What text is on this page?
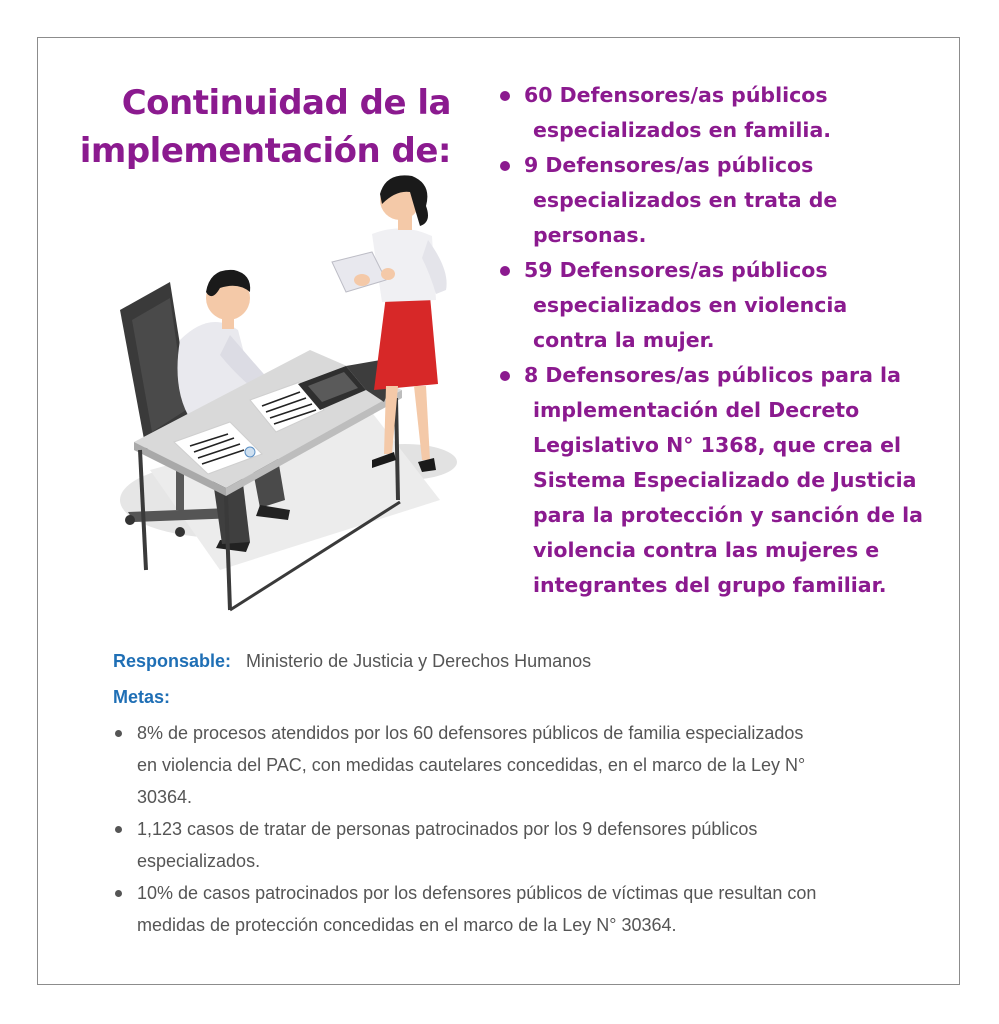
Continuidad de la
implementación de:
60 Defensores/as públicos
especializados en familia.
9 Defensores/as públicos
especializados en trata de
personas.
59 Defensores/as públicos
especializados en violencia
contra la mujer.
8 Defensores/as públicos para la
implementación del Decreto
Legislativo N° 1368, que crea el
Sistema Especializado de Justicia
para la protección y sanción de la
violencia contra las mujeres e
integrantes del grupo familiar.
Responsable: Ministerio de Justicia y Derechos Humanos
Metas:
8% de procesos atendidos por los 60 defensores públicos de familia especializados
en violencia del PAC, con medidas cautelares concedidas, en el marco de la Ley N°
30364.
1,123 casos de tratar de personas patrocinados por los 9 defensores públicos
especializados.
10% de casos patrocinados por los defensores públicos de víctimas que resultan con
medidas de protección concedidas en el marco de la Ley N° 30364.
